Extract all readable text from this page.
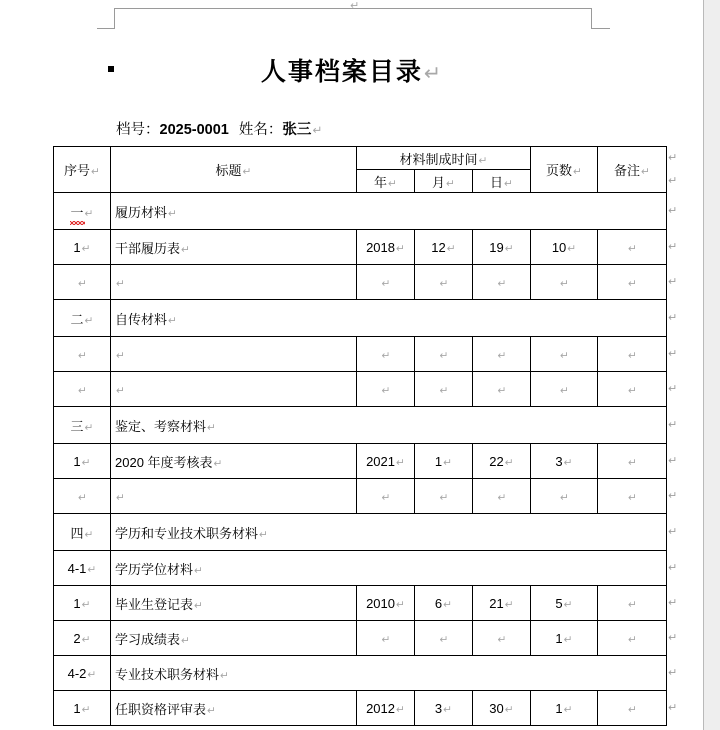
↵
人事档案目录↵
档号：2025-0001 姓名：张三↵
序号↵	标题↵	材料制成时间↵			页数↵	备注↵
		年↵	月↵	日↵		
一↵	履历材料↵					
1↵	干部履历表↵	2018↵	12↵	19↵	10↵	↵
↵	↵	↵	↵	↵	↵	↵
二↵	自传材料↵					
↵	↵	↵	↵	↵	↵	↵
↵	↵	↵	↵	↵	↵	↵
三↵	鉴定、考察材料↵					
1↵	2020 年度考核表↵	2021↵	1↵	22↵	3↵	↵
↵	↵	↵	↵	↵	↵	↵
四↵	学历和专业技术职务材料↵					
4-1↵	学历学位材料↵					
1↵	毕业生登记表↵	2010↵	6↵	21↵	5↵	↵
2↵	学习成绩表↵	↵	↵	↵	1↵	↵
4-2↵	专业技术职务材料↵					
1↵	任职资格评审表↵	2012↵	3↵	30↵	1↵	↵
↵
↵
↵
↵
↵
↵
↵
↵
↵
↵
↵
↵
↵
↵
↵
↵
↵
